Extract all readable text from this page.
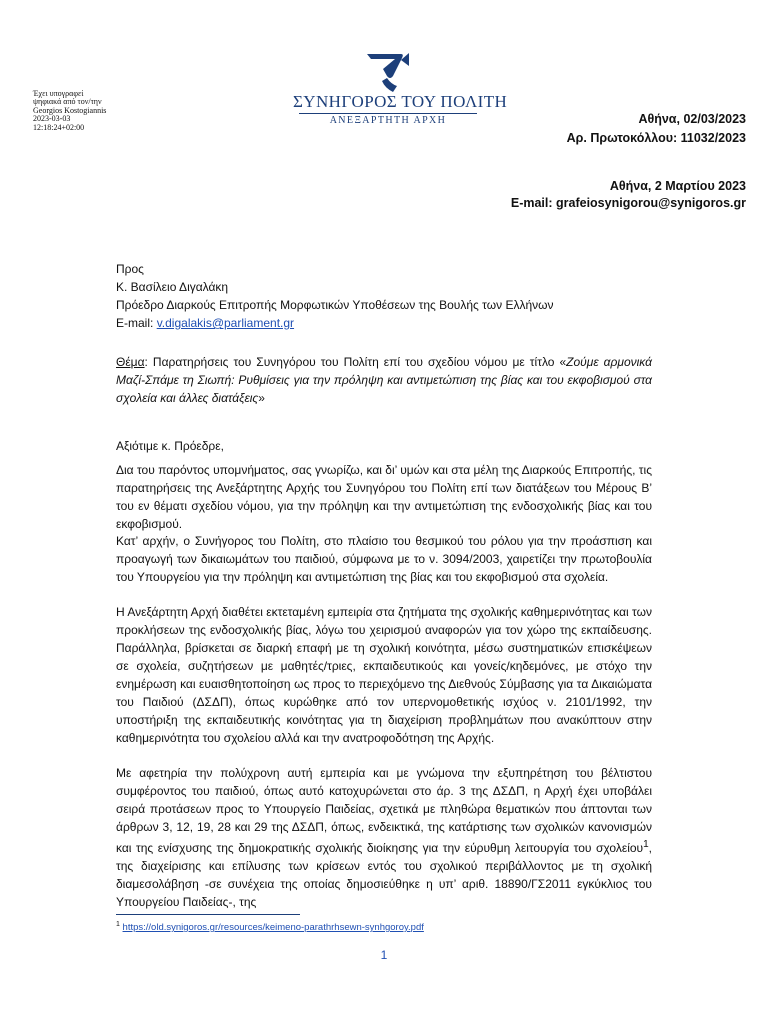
Έχει υπογραφεί
ψηφιακά από τον/την
Georgios Kostogiannis
2023-03-03
12:18:24+02:00
ΣΥΝΗΓΟΡΟΣ ΤΟΥ ΠΟΛΙΤΗ
ΑΝΕΞΑΡΤΗΤΗ ΑΡΧΗ	Αθήνα, 02/03/2023
Αρ. Πρωτοκόλλου: 11032/2023
Αθήνα, 2 Μαρτίου 2023
E-mail: grafeiosynigorou@synigoros.gr
Προς
Κ. Βασίλειο Διγαλάκη
Πρόεδρο Διαρκούς Επιτροπής Μορφωτικών Υποθέσεων της Βουλής των Ελλήνων
E-mail: v.digalakis@parliament.gr
Θέμα: Παρατηρήσεις του Συνηγόρου του Πολίτη επί του σχεδίου νόμου με τίτλο «Ζούμε αρμονικά Μαζί-Σπάμε τη Σιωπή: Ρυθμίσεις για την πρόληψη και αντιμετώπιση της βίας και του εκφοβισμού στα σχολεία και άλλες διατάξεις»
Αξιότιμε κ. Πρόεδρε,
Δια του παρόντος υπομνήματος, σας γνωρίζω, και δι’ υμών και στα μέλη της Διαρκούς Επιτροπής, τις παρατηρήσεις της Ανεξάρτητης Αρχής του Συνηγόρου του Πολίτη επί των διατάξεων του Μέρους Β’ του εν θέματι σχεδίου νόμου, για την πρόληψη και την αντιμετώπιση της ενδοσχολικής βίας και του εκφοβισμού.
Κατ’ αρχήν, ο Συνήγορος του Πολίτη, στο πλαίσιο του θεσμικού του ρόλου για την προάσπιση και προαγωγή των δικαιωμάτων του παιδιού, σύμφωνα με το ν. 3094/2003, χαιρετίζει την πρωτοβουλία του Υπουργείου για την πρόληψη και αντιμετώπιση της βίας και του εκφοβισμού στα σχολεία.
Η Ανεξάρτητη Αρχή διαθέτει εκτεταμένη εμπειρία στα ζητήματα της σχολικής καθημερινότητας και των προκλήσεων της ενδοσχολικής βίας, λόγω του χειρισμού αναφορών για τον χώρο της εκπαίδευσης. Παράλληλα, βρίσκεται σε διαρκή επαφή με τη σχολική κοινότητα, μέσω συστηματικών επισκέψεων σε σχολεία, συζητήσεων με μαθητές/τριες, εκπαιδευτικούς και γονείς/κηδεμόνες, με στόχο την ενημέρωση και ευαισθητοποίηση ως προς το περιεχόμενο της Διεθνούς Σύμβασης για τα Δικαιώματα του Παιδιού (ΔΣΔΠ), όπως κυρώθηκε από τον υπερνομοθετικής ισχύος ν. 2101/1992, την υποστήριξη της εκπαιδευτικής κοινότητας για τη διαχείριση προβλημάτων που ανακύπτουν στην καθημερινότητα του σχολείου αλλά και την ανατροφοδότηση της Αρχής.
Με αφετηρία την πολύχρονη αυτή εμπειρία και με γνώμονα την εξυπηρέτηση του βέλτιστου συμφέροντος του παιδιού, όπως αυτό κατοχυρώνεται στο άρ. 3 της ΔΣΔΠ, η Αρχή έχει υποβάλει σειρά προτάσεων προς το Υπουργείο Παιδείας, σχετικά με πληθώρα θεματικών που άπτονται των άρθρων 3, 12, 19, 28 και 29 της ΔΣΔΠ, όπως, ενδεικτικά, της κατάρτισης των σχολικών κανονισμών και της ενίσχυσης της δημοκρατικής σχολικής διοίκησης για την εύρυθμη λειτουργία του σχολείου$^1$, της διαχείρισης και επίλυσης των κρίσεων εντός του σχολικού περιβάλλοντος με τη σχολική διαμεσολάβηση -σε συνέχεια της οποίας δημοσιεύθηκε η υπ’ αριθ. 18890/ΓΣ2011 εγκύκλιος του Υπουργείου Παιδείας-, της
$^1$ https://old.synigoros.gr/resources/keimeno-parathrhsewn-synhgoroy.pdf
1
